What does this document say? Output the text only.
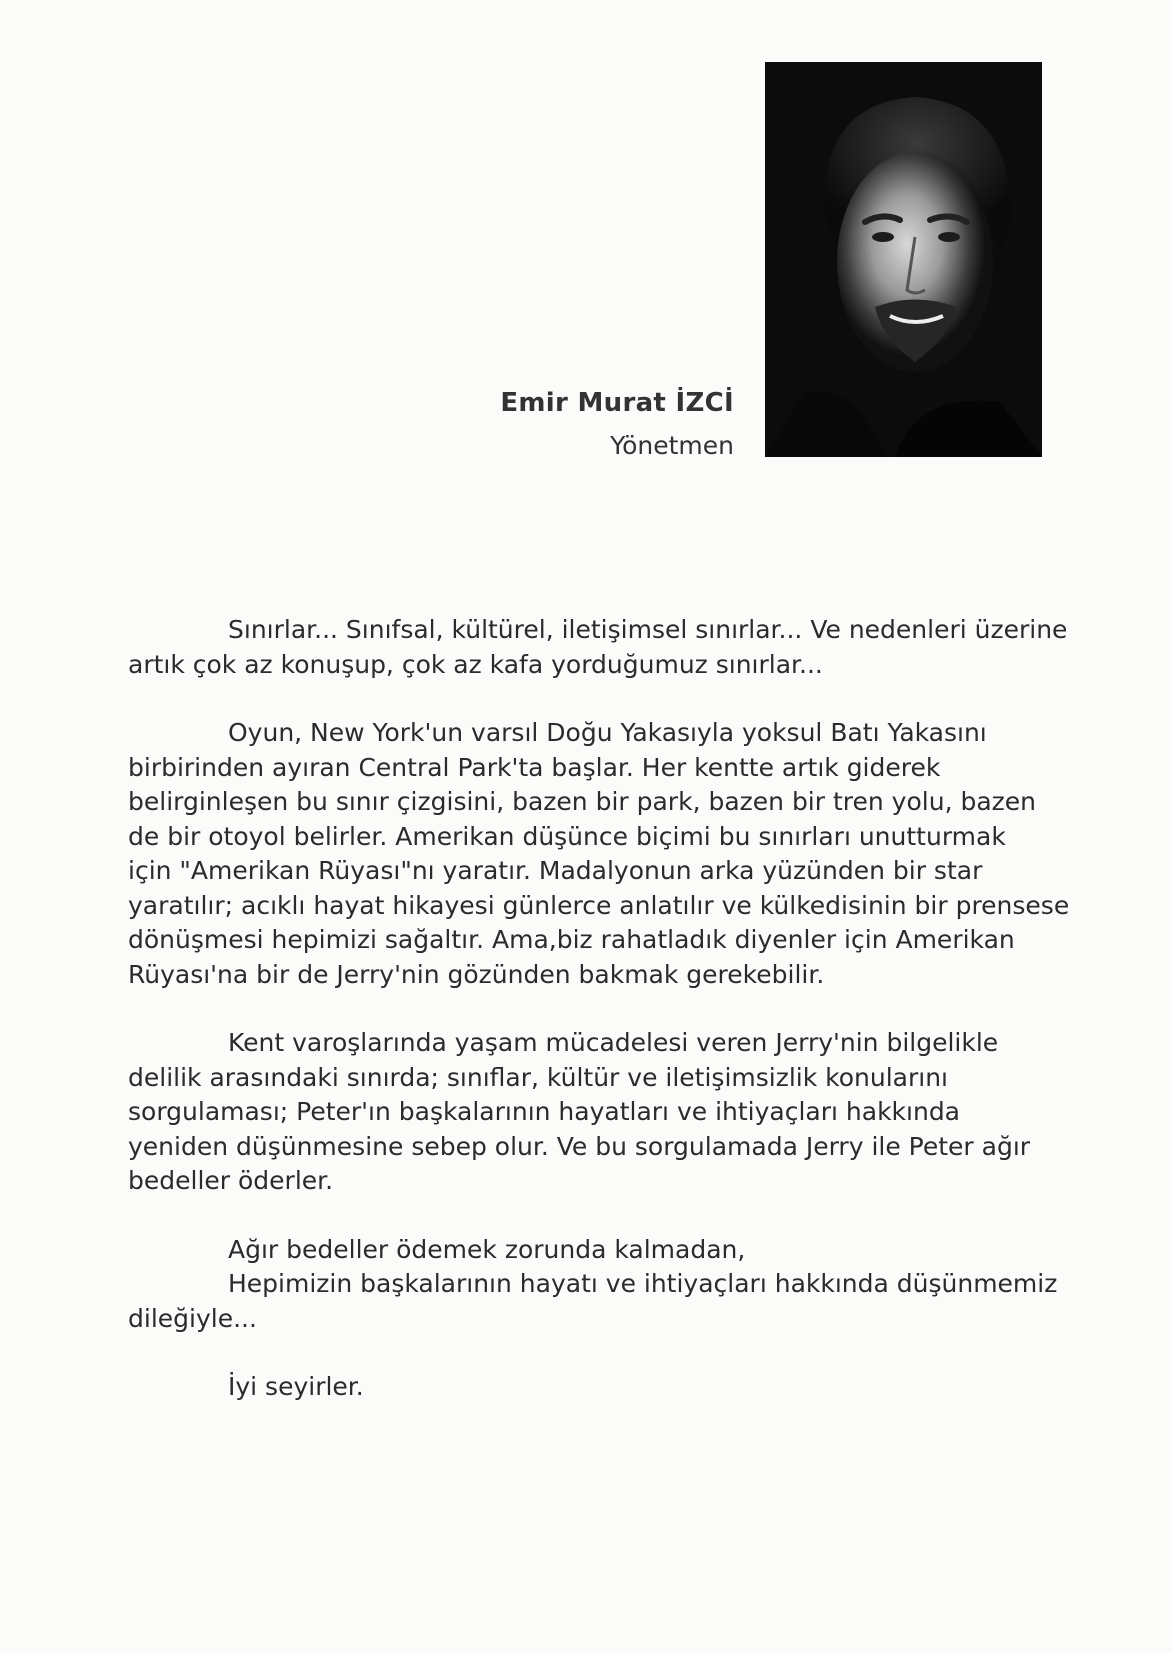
Emir Murat İZCİ
Yönetmen
Sınırlar... Sınıfsal, kültürel, iletişimsel sınırlar... Ve nedenleri üzerine
artık çok az konuşup, çok az kafa yorduğumuz sınırlar...
Oyun, New York'un varsıl Doğu Yakasıyla yoksul Batı Yakasını
birbirinden ayıran Central Park'ta başlar. Her kentte artık giderek
belirginleşen bu sınır çizgisini, bazen bir park, bazen bir tren yolu, bazen
de bir otoyol belirler. Amerikan düşünce biçimi bu sınırları unutturmak
için "Amerikan Rüyası"nı yaratır. Madalyonun arka yüzünden bir star
yaratılır; acıklı hayat hikayesi günlerce anlatılır ve külkedisinin bir prensese
dönüşmesi hepimizi sağaltır. Ama,biz rahatladık diyenler için Amerikan
Rüyası'na bir de Jerry'nin gözünden bakmak gerekebilir.
Kent varoşlarında yaşam mücadelesi veren Jerry'nin bilgelikle
delilik arasındaki sınırda; sınıflar, kültür ve iletişimsizlik konularını
sorgulaması; Peter'ın başkalarının hayatları ve ihtiyaçları hakkında
yeniden düşünmesine sebep olur. Ve bu sorgulamada Jerry ile Peter ağır
bedeller öderler.
Ağır bedeller ödemek zorunda kalmadan,
Hepimizin başkalarının hayatı ve ihtiyaçları hakkında düşünmemiz
dileğiyle...
İyi seyirler.
